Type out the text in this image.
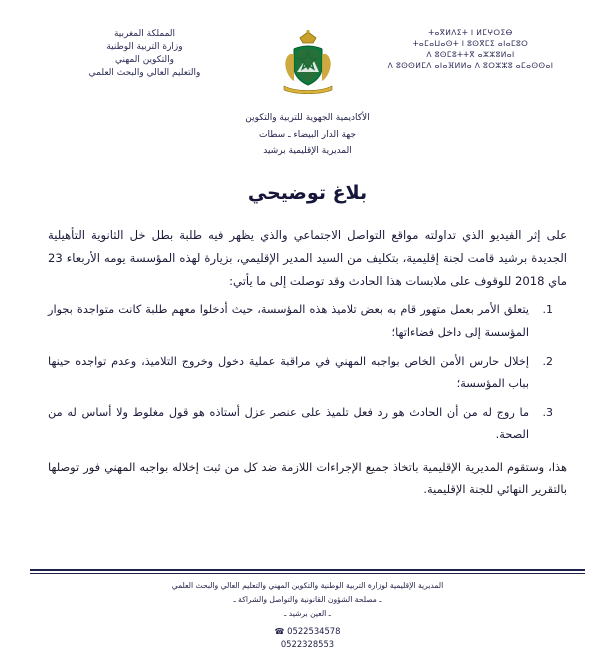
المملكة المغربية
وزارة التربية الوطنية
والتكوين المهني
والتعليم العالي والبحث العلمي
ⵜⴰⴳⵍⴷⵉⵜ ⵏ ⵍⵎⵖⵔⵉⴱ
ⵜⴰⵎⴰⵡⴰⵙⵜ ⵏ ⵓⵙⴳⵎⵉ ⴰⵏⴰⵎⵓⵔ
ⴷ ⵓⵙⵎⵓⵜⵜⴳ ⴰⵣⵣⵓⵍⴰⵏ
ⴷ ⵓⵙⵙⵍⵎⴷ ⴰⵏⴰⴼⵍⵍⴰ ⴷ ⵓⵔⵣⵣⵓ ⴰⵎⴰⵙⵙⴰⵏ
الأكاديمية الجهوية للتربية والتكوين
جهة الدار البيضاء ـ سطات
المديرية الإقليمية برشيد
بلاغ توضيحي

على إثر الفيديو الذي تداولته مواقع التواصل الاجتماعي والذي يظهر فيه طلبة بطل خل الثانوية التأهيلية الجديدة برشيد قامت لجنة إقليمية، بتكليف من السيد المدير الإقليمي، بزيارة لهذه المؤسسة يومه الأربعاء 23 ماي 2018 للوقوف على ملابسات هذا الحادث وقد توصلت إلى ما يأتي:

يتعلق الأمر بعمل متهور قام به بعض تلاميذ هذه المؤسسة، حيث أدخلوا معهم طلبة كانت متواجدة بجوار المؤسسة إلى داخل فضاءاتها؛
إخلال حارس الأمن الخاص بواجبه المهني في مراقبة عملية دخول وخروج التلاميذ، وعدم تواجده حينها بباب المؤسسة؛
ما روج له من أن الحادث هو رد فعل تلميذ على عنصر عزل أستاذه هو قول مغلوط ولا أساس له من الصحة.
هذا، وستقوم المديرية الإقليمية باتخاذ جميع الإجراءات اللازمة ضد كل من ثبت إخلاله بواجبه المهني فور توصلها بالتقرير النهائي للجنة الإقليمية.
المديرية الإقليمية لوزارة التربية الوطنية والتكوين المهني والتعليم العالي والبحث العلمي
ـ مصلحة الشؤون القانونية والتواصل والشراكة ـ
ـ العين برشيد ـ
☎ 0522534578
0522328553
